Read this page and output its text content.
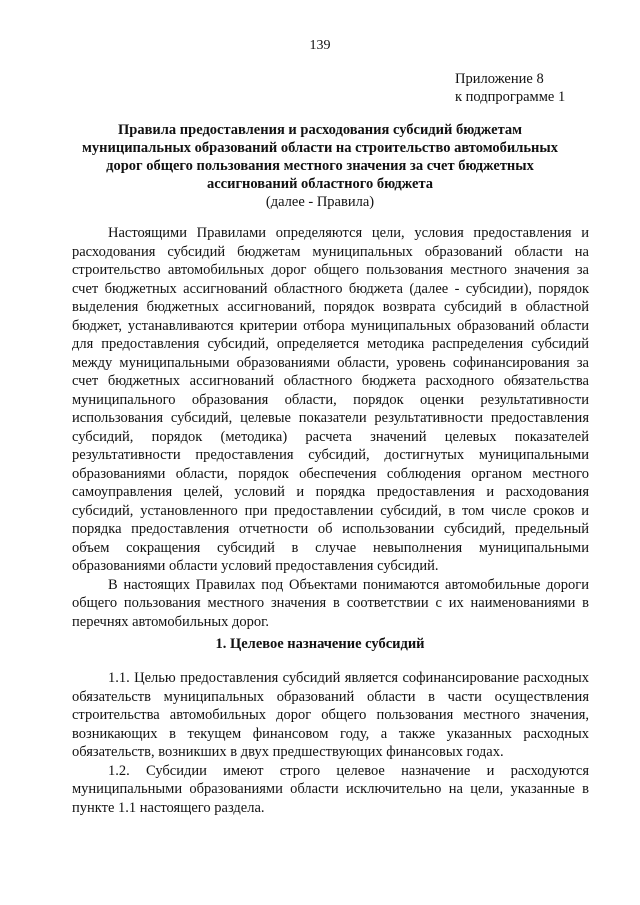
139
Приложение 8
к подпрограмме 1
Правила предоставления и расходования субсидий бюджетам
муниципальных образований области на строительство автомобильных
дорог общего пользования местного значения за счет бюджетных
ассигнований областного бюджета
(далее - Правила)

Настоящими Правилами определяются цели, условия предоставления и расходования субсидий бюджетам муниципальных образований области на строительство автомобильных дорог общего пользования местного значения за счет бюджетных ассигнований областного бюджета (далее - субсидии), порядок выделения бюджетных ассигнований, порядок возврата субсидий в областной бюджет, устанавливаются критерии отбора муниципальных образований области для предоставления субсидий, определяется методика распределения субсидий между муниципальными образованиями области, уровень софинансирования за счет бюджетных ассигнований областного бюджета расходного обязательства муниципального образования области, порядок оценки результативности использования субсидий, целевые показатели результативности предоставления субсидий, порядок (методика) расчета значений целевых показателей результативности предоставления субсидий, достигнутых муниципальными образованиями области, порядок обеспечения соблюдения органом местного самоуправления целей, условий и порядка предоставления и расходования субсидий, установленного при предоставлении субсидий, в том числе сроков и порядка предоставления отчетности об использовании субсидий, предельный объем сокращения субсидий в случае невыполнения муниципальными образованиями области условий предоставления субсидий.

В настоящих Правилах под Объектами понимаются автомобильные дороги общего пользования местного значения в соответствии с их наименованиями в перечнях автомобильных дорог.

1. Целевое назначение субсидий

1.1. Целью предоставления субсидий является софинансирование расходных обязательств муниципальных образований области в части осуществления строительства автомобильных дорог общего пользования местного значения, возникающих в текущем финансовом году, а также указанных расходных обязательств, возникших в двух предшествующих финансовых годах.

1.2. Субсидии имеют строго целевое назначение и расходуются муниципальными образованиями области исключительно на цели, указанные в пункте 1.1 настоящего раздела.
